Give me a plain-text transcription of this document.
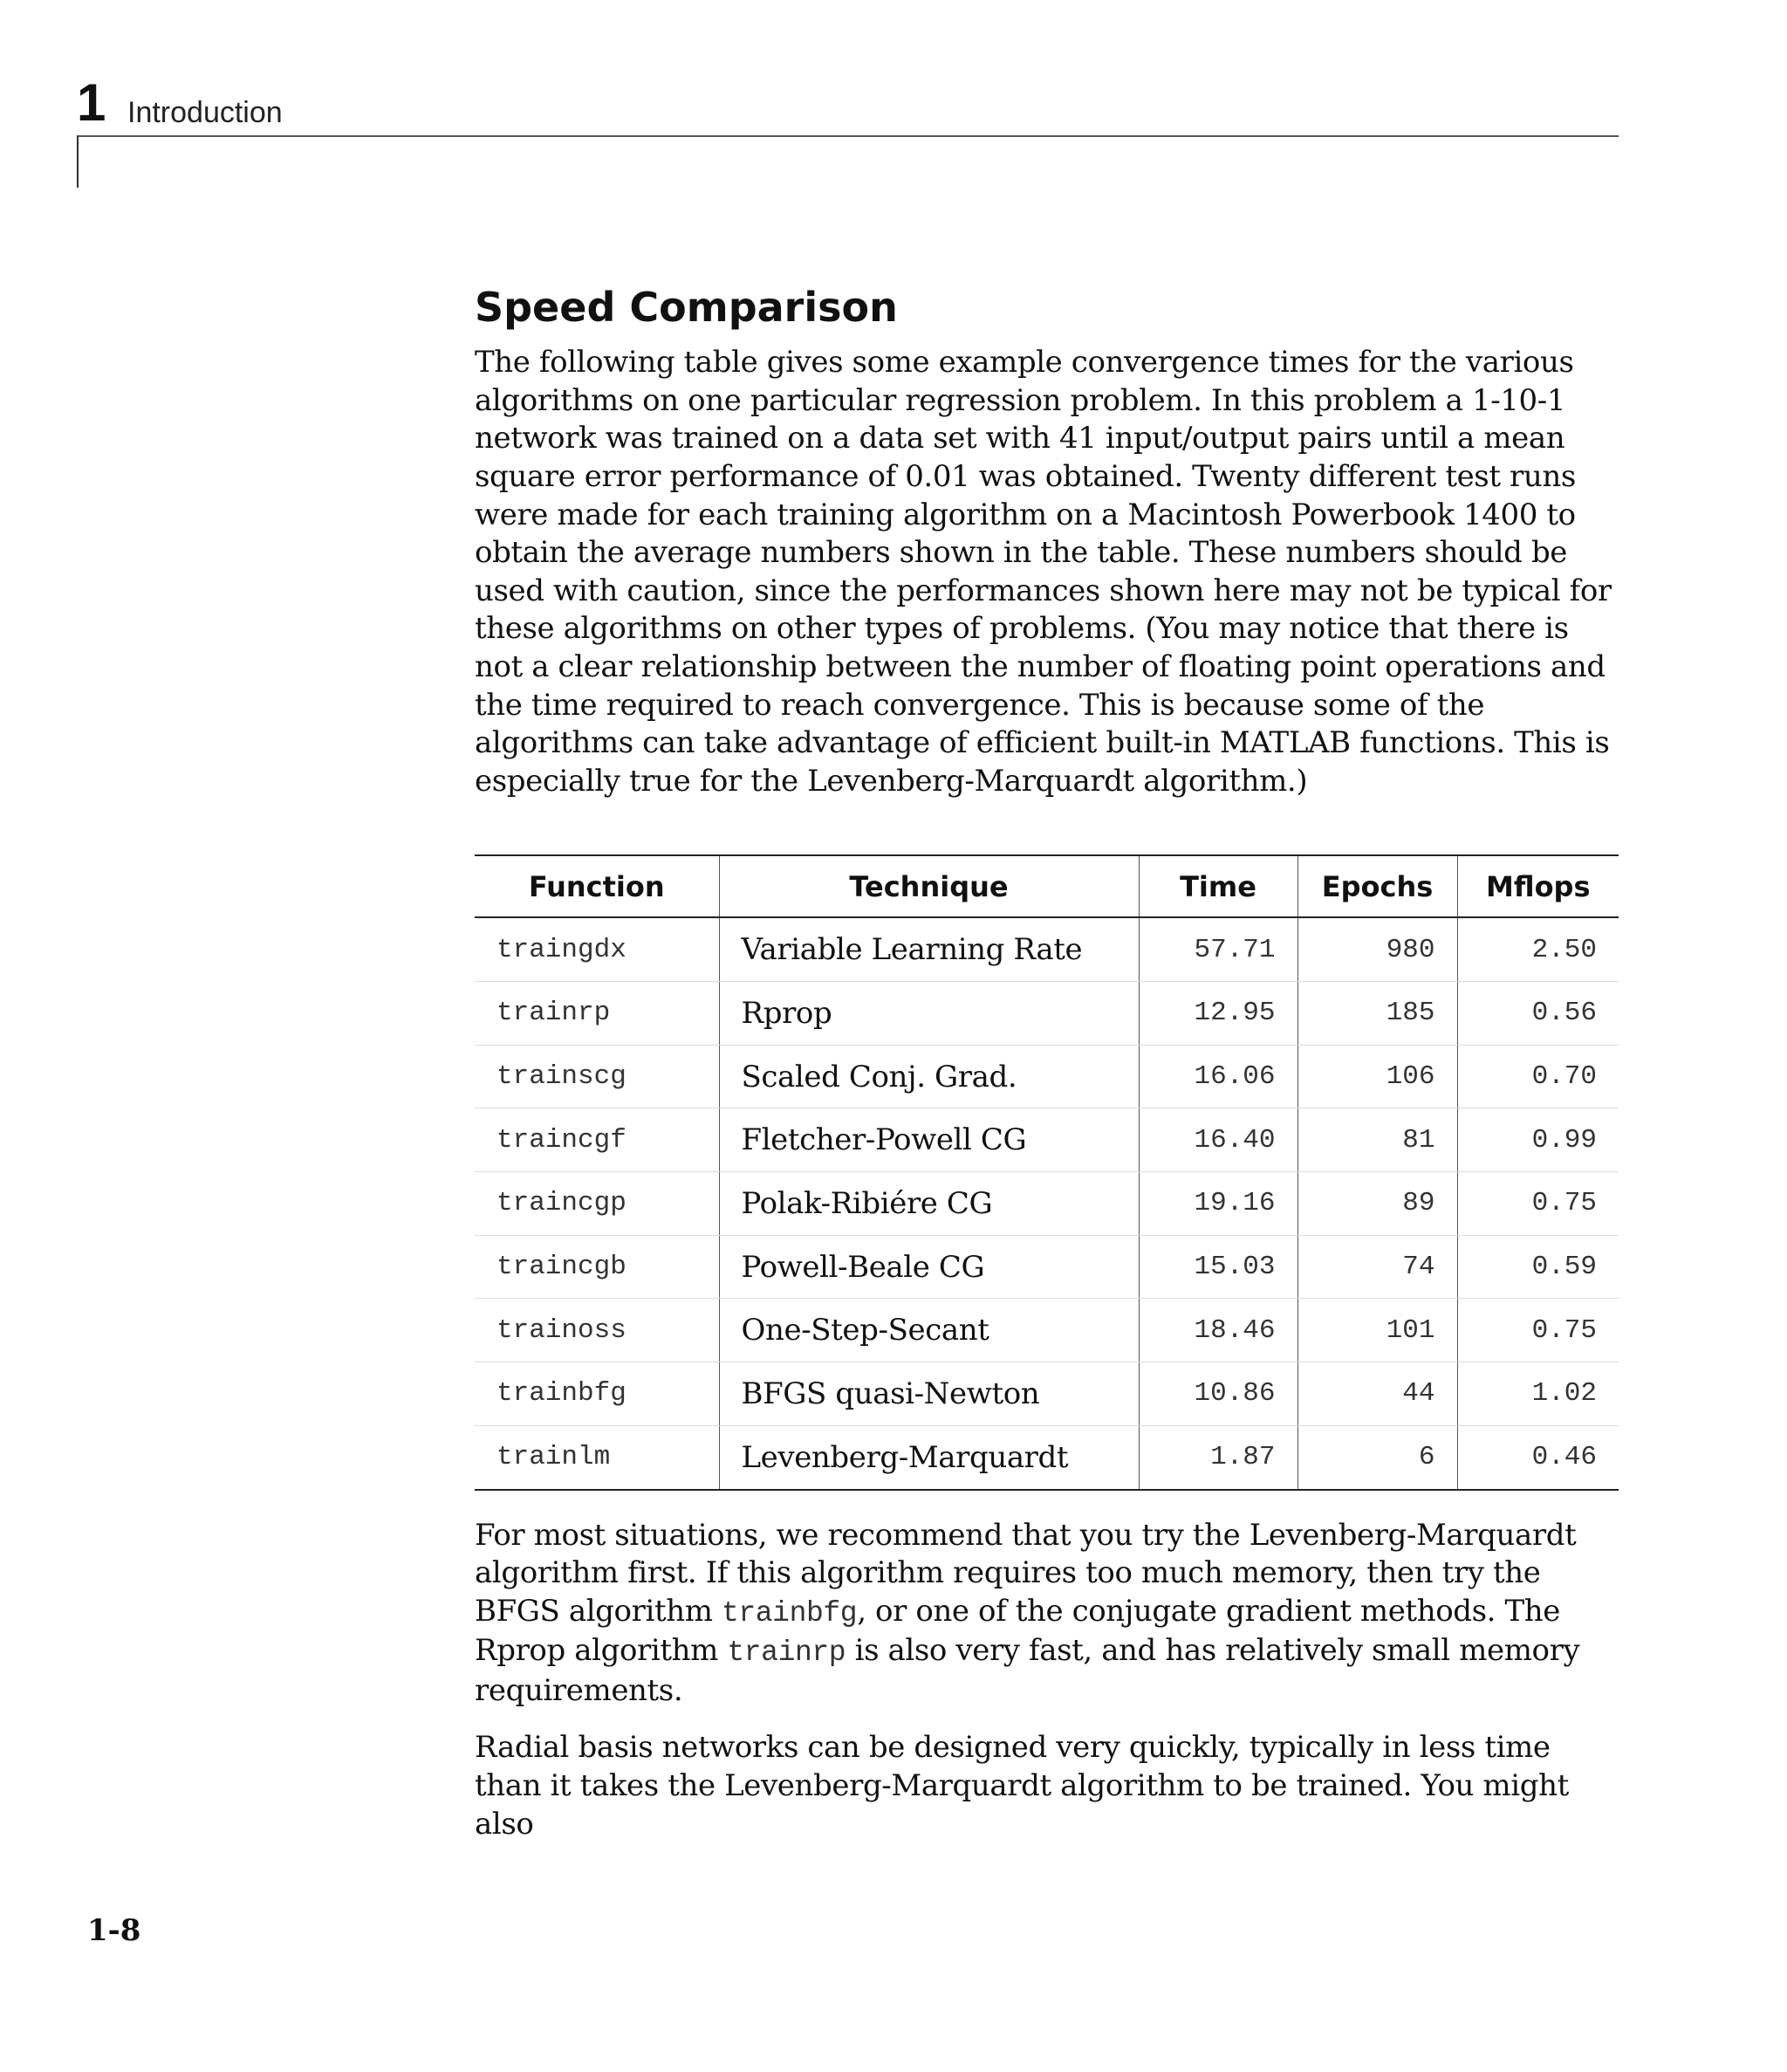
1 Introduction
Speed Comparison

The following table gives some example convergence times for the various algorithms on one particular regression problem. In this problem a 1-10-1 network was trained on a data set with 41 input/output pairs until a mean square error performance of 0.01 was obtained. Twenty different test runs were made for each training algorithm on a Macintosh Powerbook 1400 to obtain the average numbers shown in the table. These numbers should be used with caution, since the performances shown here may not be typical for these algorithms on other types of problems. (You may notice that there is not a clear relationship between the number of floating point operations and the time required to reach convergence. This is because some of the algorithms can take advantage of efficient built-in MATLAB functions. This is especially true for the Levenberg-Marquardt algorithm.)

Function	Technique	Time	Epochs	Mflops
traingdx	Variable Learning Rate	57.71	980	2.50
trainrp	Rprop	12.95	185	0.56
trainscg	Scaled Conj. Grad.	16.06	106	0.70
traincgf	Fletcher-Powell CG	16.40	81	0.99
traincgp	Polak-Ribiére CG	19.16	89	0.75
traincgb	Powell-Beale CG	15.03	74	0.59
trainoss	One-Step-Secant	18.46	101	0.75
trainbfg	BFGS quasi-Newton	10.86	44	1.02
trainlm	Levenberg-Marquardt	1.87	6	0.46

For most situations, we recommend that you try the Levenberg-Marquardt algorithm first. If this algorithm requires too much memory, then try the BFGS algorithm trainbfg, or one of the conjugate gradient methods. The Rprop algorithm trainrp is also very fast, and has relatively small memory requirements.

Radial basis networks can be designed very quickly, typically in less time than it takes the Levenberg-Marquardt algorithm to be trained. You might also

1-8
